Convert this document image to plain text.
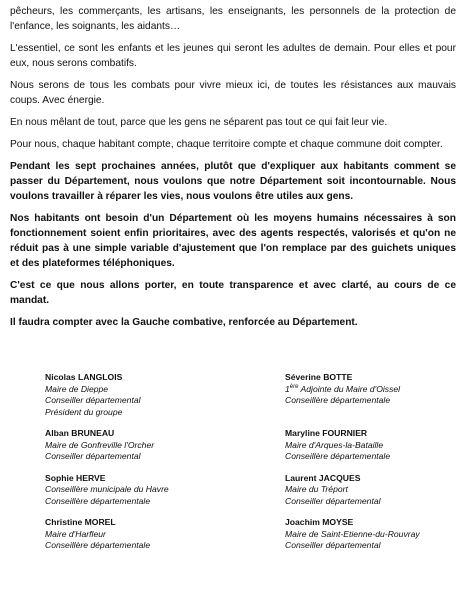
pêcheurs, les commerçants, les artisans, les enseignants, les personnels de la protection de l'enfance, les soignants, les aidants…

L'essentiel, ce sont les enfants et les jeunes qui seront les adultes de demain. Pour elles et pour eux, nous serons combatifs.

Nous serons de tous les combats pour vivre mieux ici, de toutes les résistances aux mauvais coups. Avec énergie.

En nous mêlant de tout, parce que les gens ne séparent pas tout ce qui fait leur vie.

Pour nous, chaque habitant compte, chaque territoire compte et chaque commune doit compter.

Pendant les sept prochaines années, plutôt que d'expliquer aux habitants comment se passer du Département, nous voulons que notre Département soit incontournable. Nous voulons travailler à réparer les vies, nous voulons être utiles aux gens.

Nos habitants ont besoin d'un Département où les moyens humains nécessaires à son fonctionnement soient enfin prioritaires, avec des agents respectés, valorisés et qu'on ne réduit pas à une simple variable d'ajustement que l'on remplace par des guichets uniques et des plateformes téléphoniques.

C'est ce que nous allons porter, en toute transparence et avec clarté, au cours de ce mandat.

Il faudra compter avec la Gauche combative, renforcée au Département.

Nicolas LANGLOIS
Maire de Dieppe
Conseiller départemental
Président du groupe
Séverine BOTTE
1ère Adjointe du Maire d'Oissel
Conseillère départementale
Alban BRUNEAU
Maire de Gonfreville l'Orcher
Conseiller départemental
Maryline FOURNIER
Maire d'Arques-la-Bataille
Conseillère départementale
Sophie HERVE
Conseillère municipale du Havre
Conseillère départementale
Laurent JACQUES
Maire du Tréport
Conseiller départemental
Christine MOREL
Maire d'Harfleur
Conseillère départementale
Joachim MOYSE
Maire de Saint-Etienne-du-Rouvray
Conseiller départemental
